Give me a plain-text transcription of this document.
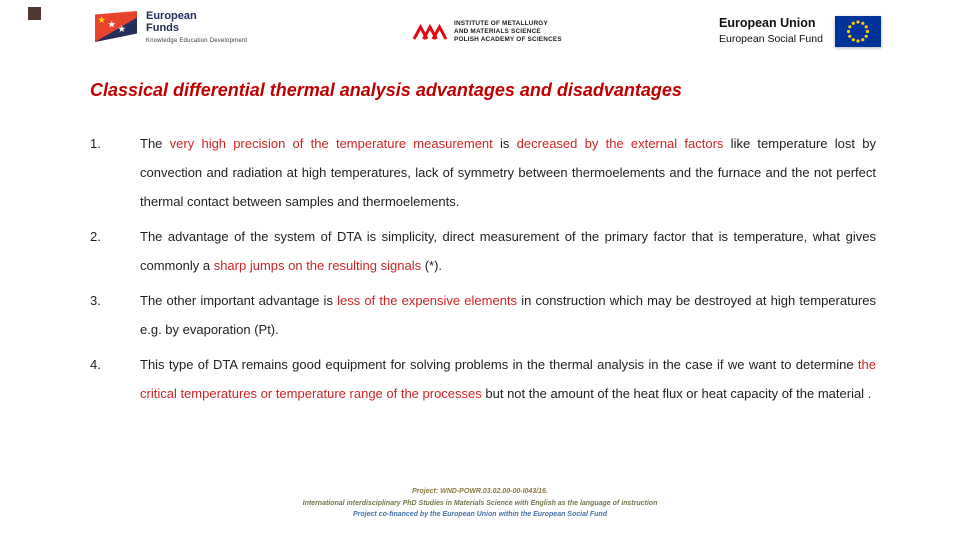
★ ★ ★
European
Funds
Knowledge Education Development
INSTITUTE OF METALLURGY
AND MATERIALS SCIENCE
POLISH ACADEMY OF SCIENCES
European Union
European Social Fund
Classical differential thermal analysis advantages and disadvantages
1.	The very high precision of the temperature measurement is decreased by the external factors like temperature lost by convection and radiation at high temperatures, lack of symmetry between thermoelements and the furnace and the not perfect thermal contact between samples and thermoelements.
2.	The advantage of the system of DTA is simplicity, direct measurement of the primary factor that is temperature, what gives commonly a sharp jumps on the resulting signals (*).
3.	The other important advantage is less of the expensive elements in construction which may be destroyed at high temperatures e.g. by evaporation (Pt).
4.	This type of DTA remains good equipment for solving problems in the thermal analysis in the case if we want to determine the critical temperatures or temperature range of the processes but not the amount of the heat flux or heat capacity of the material .
Project: WND-POWR.03.02.00-00-I043/16.
International interdisciplinary PhD Studies in Materials Science with English as the language of instruction
Project co-financed by the European Union within the European Social Fund
